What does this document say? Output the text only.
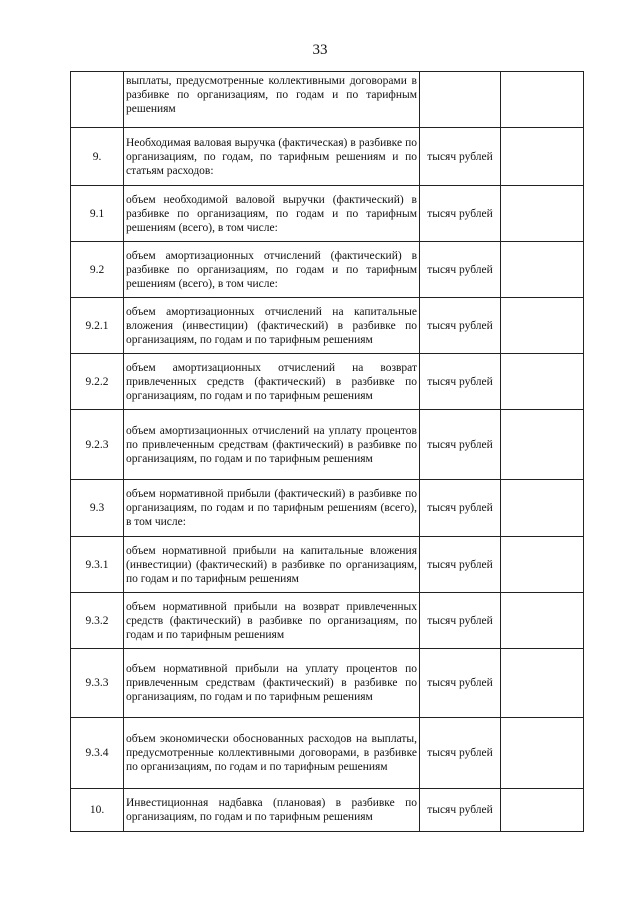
33

	выплаты, предусмотренные коллективными договорами в разбивке по организациям, по годам и по тарифным решениям		

9.	Необходимая валовая выручка (фактическая) в разбивке по организациям, по годам, по тарифным решениям и по статьям расходов:	тысяч рублей	
9.1	объем необходимой валовой выручки (фактический) в разбивке по организациям, по годам и по тарифным решениям (всего), в том числе:	тысяч рублей	
9.2	объем амортизационных отчислений (фактический) в разбивке по организациям, по годам и по тарифным решениям (всего), в том числе:	тысяч рублей	
9.2.1	объем амортизационных отчислений на капитальные вложения (инвестиции) (фактический) в разбивке по организациям, по годам и по тарифным решениям	тысяч рублей	
9.2.2	объем амортизационных отчислений на возврат привлеченных средств (фактический) в разбивке по организациям, по годам и по тарифным решениям	тысяч рублей	
9.2.3	объем амортизационных отчислений на уплату процентов по привлеченным средствам (фактический) в разбивке по организациям, по годам и по тарифным решениям	тысяч рублей	
9.3	объем нормативной прибыли (фактический) в разбивке по организациям, по годам и по тарифным решениям (всего), в том числе:	тысяч рублей	
9.3.1	объем нормативной прибыли на капитальные вложения (инвестиции) (фактический) в разбивке по организациям, по годам и по тарифным решениям	тысяч рублей	
9.3.2	объем нормативной прибыли на возврат привлеченных средств (фактический) в разбивке по организациям, по годам и по тарифным решениям	тысяч рублей	
9.3.3	объем нормативной прибыли на уплату процентов по привлеченным средствам (фактический) в разбивке по организациям, по годам и по тарифным решениям	тысяч рублей	
9.3.4	объем экономически обоснованных расходов на выплаты, предусмотренные коллективными договорами, в разбивке по организациям, по годам и по тарифным решениям	тысяч рублей	
10.	Инвестиционная надбавка (плановая) в разбивке по организациям, по годам и по тарифным решениям	тысяч рублей	
